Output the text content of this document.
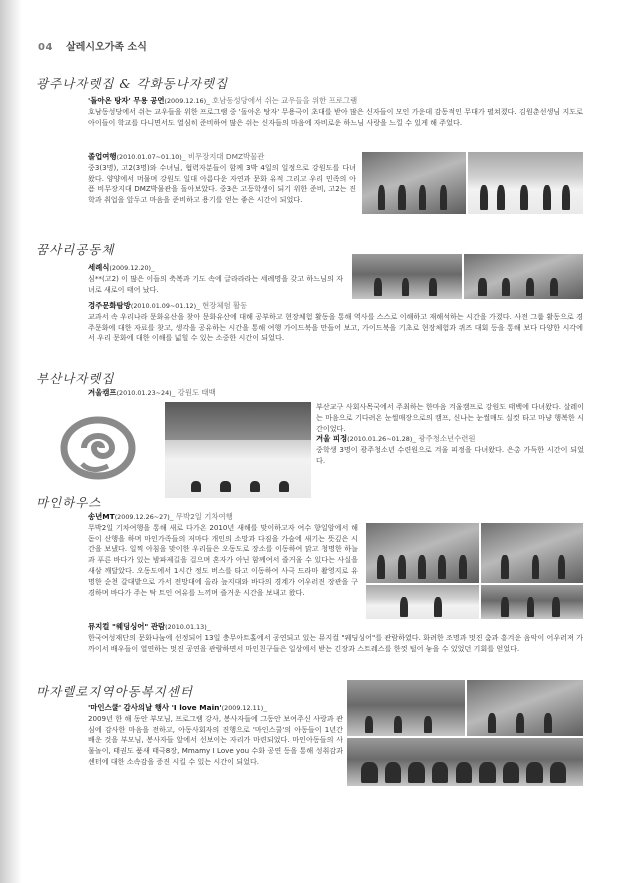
04 살레시오가족 소식
광주나자렛집 & 각화동나자렛집
'돌아온 탕자' 무용 공연(2009.12.16)_ 호남동성당에서 쉬는 교우들을 위한 프로그램

호남동성당에서 쉬는 교우들을 위한 프로그램 중 '돌아온 탕자' 무용극이 초대를 받아 많은 신자들이 모인 가운데 감동적인 무대가 펼쳐졌다. 김원춘선생님 지도로 아이들이 학교를 다니면서도 열심히 준비하여 많은 쉬는 신자들의 마음에 자비로운 하느님 사랑을 느낄 수 있게 해 주었다.

졸업여행(2010.01.07~01.10)_ 비무장지대 DMZ박물관

중3(3명), 고2(3명)와 수녀님, 협력자분들이 함께 3박 4일의 일정으로 강원도를 다녀왔다. 양양에서 머물며 강원도 일대 아름다운 자연과 문화 유적 그리고 우리 민족의 아픔 비무장지대 DMZ박물관을 돌아보았다. 중3은 고등학생이 되기 위한 준비, 고2는 진학과 취업을 앞두고 마음을 준비하고 용기를 얻는 좋은 시간이 되었다.

꿈사리공동체
세례식(2009.12.20)_

심**(고2) 이 많은 이들의 축복과 기도 속에 글라라라는 세례명을 갖고 하느님의 자녀로 새로이 태어 났다.

경주문화탐방(2010.01.09~01.12)_ 현장체험 활동

교과서 속 우리나라 문화유산을 찾아 문화유산에 대해 공부하고 현장체험 활동을 통해 역사를 스스로 이해하고 재해석하는 시간을 가졌다. 사전 그룹 활동으로 경주문화에 대한 자료를 찾고, 생각을 공유하는 시간을 통해 여행 가이드북을 만들어 보고, 가이드북을 기초로 현장체험과 퀴즈 대회 등을 통해 보다 다양한 시각에서 우리 문화에 대한 이해를 넓힐 수 있는 소중한 시간이 되었다.

부산나자렛집
겨울캠프(2010.01.23~24)_ 강원도 태백

부산교구 사회사목국에서 주최하는 한마음 겨울캠프로 강원도 태백에 다녀왔다. 살레이는 마음으로 기다려온 눈썰매장으로의 캠프, 신나는 눈썰매도 실컷 타고 마냥 행복한 시간이었다.

겨울 피정(2010.01.26~01.28)_ 광주청소년수련원

중학생 3명이 광주청소년 수련원으로 겨울 피정을 다녀왔다. 은총 가득한 시간이 되었다.

마인하우스
송년MT(2009.12.26~27)_ 무박2일 기차여행

무박2일 기차여행을 통해 새로 다가온 2010년 새해를 맞이하고자 여수 향일암에서 해돋이 산행을 하며 마인가족들의 저마다 개인의 소망과 다짐을 가슴에 새기는 뜻깊은 시간을 보냈다. 일찍 아침을 맞이한 우리들은 오동도로 장소를 이동하여 맑고 청명한 하늘과 푸른 바다가 있는 밤파제길을 걸으며 혼자가 아닌 함께여서 즐거울 수 있다는 사실을 새삼 깨달았다. 오동도에서 1시간 정도 버스를 타고 이동하여 사극 드라마 촬영지로 유명한 순천 갈대밭으로 가서 전망대에 올라 늪지대와 바다의 경계가 어우러진 장관을 구경하며 바다가 주는 탁 트인 여유를 느끼며 즐거운 시간을 보내고 왔다.

뮤지컬 "웨딩싱어" 관람(2010.01.13)_

한국여성재단의 문화나눔에 선정되어 13일 충무아트홀에서 공연되고 있는 뮤지컬 "웨딩싱어"를 관람하였다. 화려한 조명과 멋진 춤과 흥겨운 음악이 어우러져 가까이서 배우들이 열연하는 멋진 공연을 관람하면서 마인친구들은 일상에서 받는 긴장과 스트레스를 한껏 털어 놓을 수 있었던 기회를 얻었다.

마자렐로지역아동복지센터
'마인스쿨' 감사의날 행사 'I love Main'(2009.12.11)_

2009년 한 해 동안 부모님, 프로그램 강사, 봉사자들에 그동안 보여주신 사랑과 관심에 감사한 마음을 전하고, 아동사회자의 진행으로 '마인스쿨'의 아동들이 1년간 배운 것을 부모님, 봉사자들 앞에서 선보이는 자리가 마련되었다. 마인아동들의 사물놀이, 태권도 품새 태극8장, Mmamy I Love you 수화 공연 등을 통해 성취감과 센터에 대한 소속감을 증진 시킬 수 있는 시간이 되었다.
